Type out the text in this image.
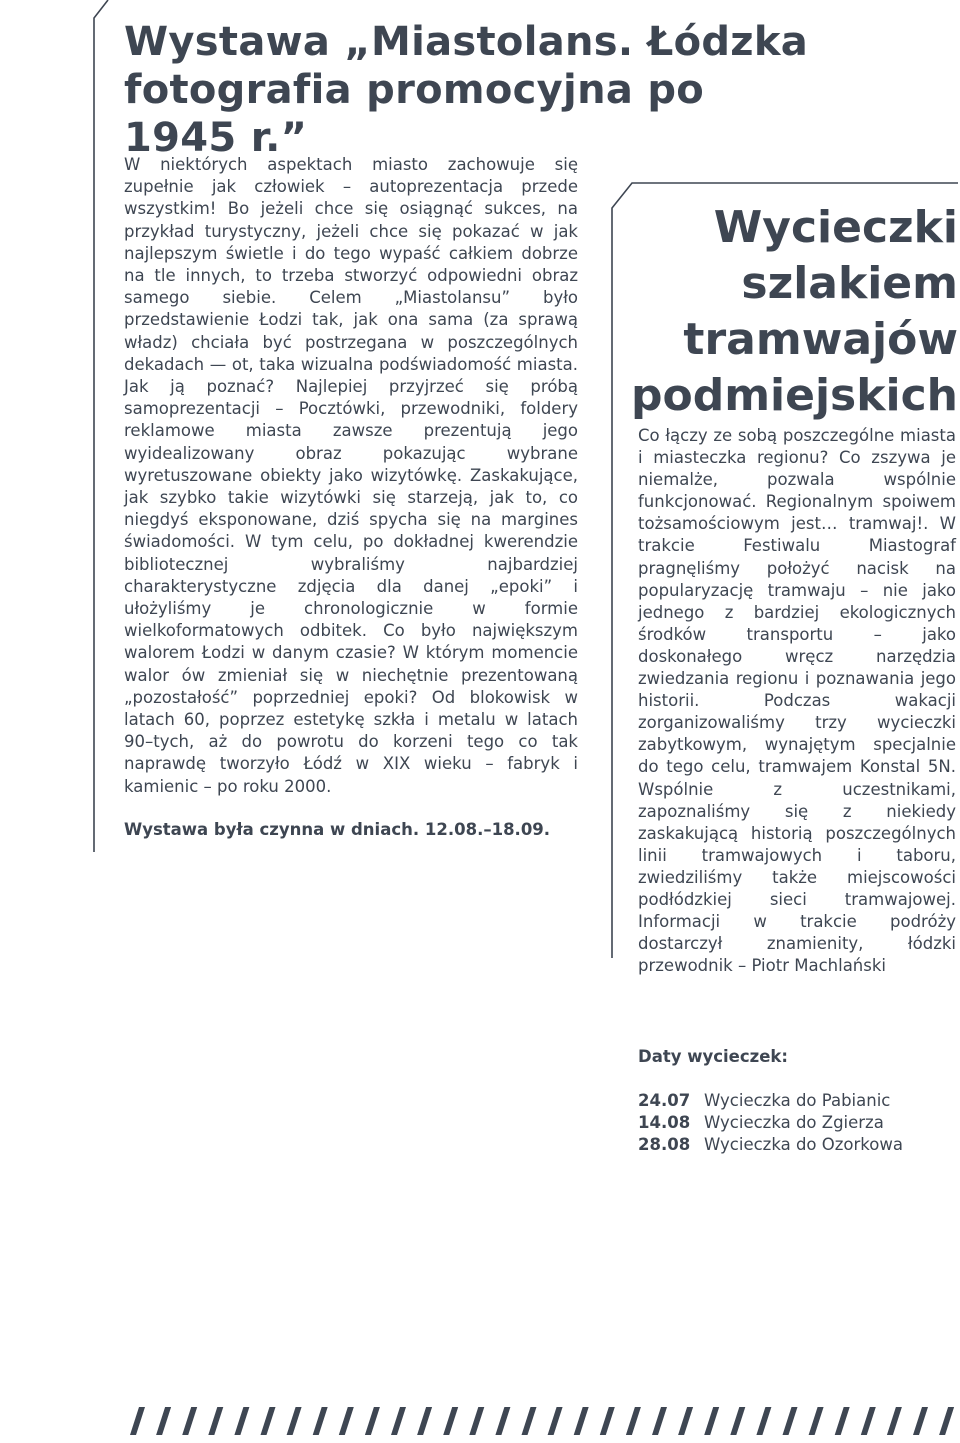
Wystawa „Miastolans. Łódzka fotografia promocyjna po 1945 r.”

W niektórych aspektach miasto zachowuje się zupełnie jak człowiek – autoprezentacja przede wszystkim! Bo jeżeli chce się osiągnąć sukces, na przykład turystyczny, jeżeli chce się pokazać w jak najlepszym świetle i do tego wypaść całkiem dobrze na tle innych, to trzeba stworzyć odpowiedni obraz samego siebie. Celem „Miastolansu” było przedstawienie Łodzi tak, jak ona sama (za sprawą władz) chciała być postrzegana w poszczególnych dekadach — ot, taka wizualna podświadomość miasta. Jak ją poznać? Najlepiej przyjrzeć się próbą samoprezentacji – Pocztówki, przewodniki, foldery reklamowe miasta zawsze prezentują jego wyidealizowany obraz pokazując wybrane wyretuszowane obiekty jako wizytówkę. Zaskakujące, jak szybko takie wizytówki się starzeją, jak to, co niegdyś eksponowane, dziś spycha się na margines świadomości. W tym celu, po dokładnej kwerendzie bibliotecznej wybraliśmy najbardziej charakterystyczne zdjęcia dla danej „epoki” i ułożyliśmy je chronologicznie w formie wielkoformatowych odbitek. Co było największym walorem Łodzi w danym czasie? W którym momencie walor ów zmieniał się w niechętnie prezentowaną „pozostałość” poprzedniej epoki? Od blokowisk w latach 60, poprzez estetykę szkła i metalu w latach 90–tych, aż do powrotu do korzeni tego co tak naprawdę tworzyło Łódź w XIX wieku – fabryk i kamienic – po roku 2000.

Wystawa była czynna w dniach. 12.08.–18.09.

Wycieczki szlakiem tramwajów podmiejskich

Co łączy ze sobą poszczególne miasta i miasteczka regionu? Co zszywa je niemalże, pozwala wspólnie funkcjonować. Regionalnym spoiwem tożsamościowym jest… tramwaj!. W trakcie Festiwalu Miastograf pragnęliśmy położyć nacisk na popularyzację tramwaju – nie jako jednego z bardziej ekologicznych środków transportu – jako doskonałego wręcz narzędzia zwiedzania regionu i poznawania jego historii. Podczas wakacji zorganizowaliśmy trzy wycieczki zabytkowym, wynajętym specjalnie do tego celu, tramwajem Konstal 5N. Wspólnie z uczestnikami, zapoznaliśmy się z niekiedy zaskakującą historią poszczególnych linii tramwajowych i taboru, zwiedziliśmy także miejscowości podłódzkiej sieci tramwajowej. Informacji w trakcie podróży dostarczył znamienity, łódzki przewodnik – Piotr Machlański

Daty wycieczek:

24.07 Wycieczka do Pabianic
14.08 Wycieczka do Zgierza
28.08 Wycieczka do Ozorkowa
